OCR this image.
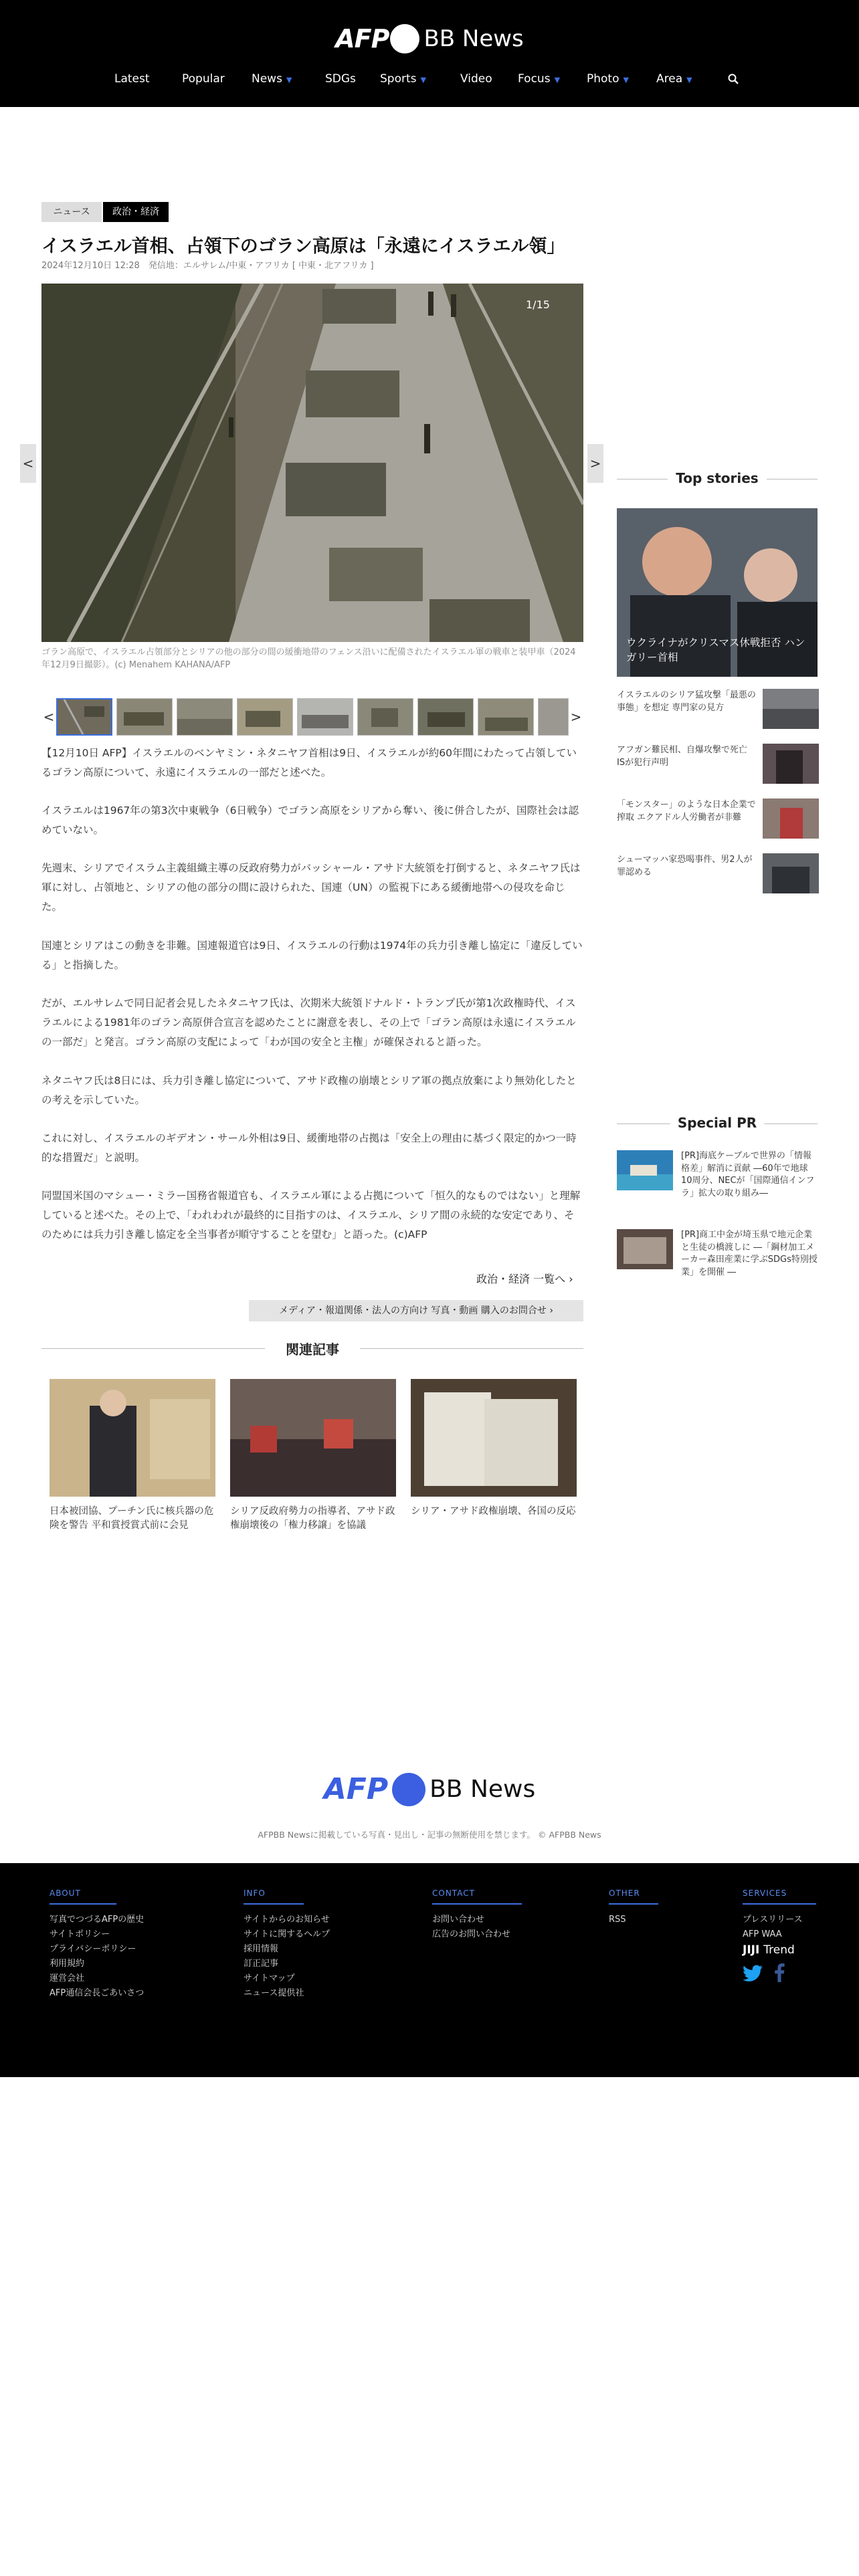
AFP BB News
Latest	Popular News ▼	SDGs Sports ▼	Video Focus ▼ Photo ▼ Area ▼
ニュース	政治・経済
イスラエル首相、占領下のゴラン高原は「永遠にイスラエル領」
2024年12月10日 12:28　発信地：エルサレム/中東・アフリカ [ 中東・北アフリカ ]
1/15
<	>
ゴラン高原で、イスラエル占領部分とシリアの他の部分の間の緩衝地帯のフェンス沿いに配備されたイスラエル軍の戦車と装甲車（2024年12月9日撮影）。(c) Menahem KAHANA/AFP
<	>

【12月10日 AFP】イスラエルのベンヤミン・ネタニヤフ首相は9日、イスラエルが約60年間にわたって占領しているゴラン高原について、永遠にイスラエルの一部だと述べた。

イスラエルは1967年の第3次中東戦争（6日戦争）でゴラン高原をシリアから奪い、後に併合したが、国際社会は認めていない。

先週末、シリアでイスラム主義組織主導の反政府勢力がバッシャール・アサド大統領を打倒すると、ネタニヤフ氏は軍に対し、占領地と、シリアの他の部分の間に設けられた、国連（UN）の監視下にある緩衝地帯への侵攻を命じた。

国連とシリアはこの動きを非難。国連報道官は9日、イスラエルの行動は1974年の兵力引き離し協定に「違反している」と指摘した。

だが、エルサレムで同日記者会見したネタニヤフ氏は、次期米大統領ドナルド・トランプ氏が第1次政権時代、イスラエルによる1981年のゴラン高原併合宣言を認めたことに謝意を表し、その上で「ゴラン高原は永遠にイスラエルの一部だ」と発言。ゴラン高原の支配によって「わが国の安全と主権」が確保されると語った。

ネタニヤフ氏は8日には、兵力引き離し協定について、アサド政権の崩壊とシリア軍の拠点放棄により無効化したとの考えを示していた。

これに対し、イスラエルのギデオン・サール外相は9日、緩衝地帯の占拠は「安全上の理由に基づく限定的かつ一時的な措置だ」と説明。

同盟国米国のマシュー・ミラー国務省報道官も、イスラエル軍による占拠について「恒久的なものではない」と理解していると述べた。その上で、「われわれが最終的に目指すのは、イスラエル、シリア間の永続的な安定であり、そのためには兵力引き離し協定を全当事者が順守することを望む」と語った。(c)AFP

政治・経済 一覧へ ›
メディア・報道関係・法人の方向け 写真・動画 購入のお問合せ ›
関連記事
日本被団協、プーチン氏に核兵器の危険を警告 平和賞授賞式前に会見
シリア反政府勢力の指導者、アサド政権崩壊後の「権力移譲」を協議
シリア・アサド政権崩壊、各国の反応
Top stories
ウクライナがクリスマス休戦拒否 ハンガリー首相
イスラエルのシリア猛攻撃「最悪の事態」を想定 専門家の見方
アフガン難民相、自爆攻撃で死亡 ISが犯行声明
「モンスター」のような日本企業で搾取 エクアドル人労働者が非難
シューマッハ家恐喝事件、男2人が罪認める
Special PR
[PR]海底ケーブルで世界の「情報格差」解消に貢献 ―60年で地球10周分、NECが「国際通信インフラ」拡大の取り組み―
[PR]商工中金が埼玉県で地元企業と生徒の橋渡しに ―「鋼材加工メーカー森田産業に学ぶSDGs特別授業」を開催 ―
AFP BB News
AFPBB Newsに掲載している写真・見出し・記事の無断使用を禁じます。 © AFPBB News
ABOUT
写真でつづるAFPの歴史
サイトポリシー
プライバシーポリシー
利用規約
運営会社
AFP通信会長ごあいさつ
INFO
サイトからのお知らせ
サイトに関するヘルプ
採用情報
訂正記事
サイトマップ
ニュース提供社
CONTACT
お問い合わせ
広告のお問い合わせ
OTHER
RSS
SERVICES
プレスリリース
AFP WAA
JIJI Trend
